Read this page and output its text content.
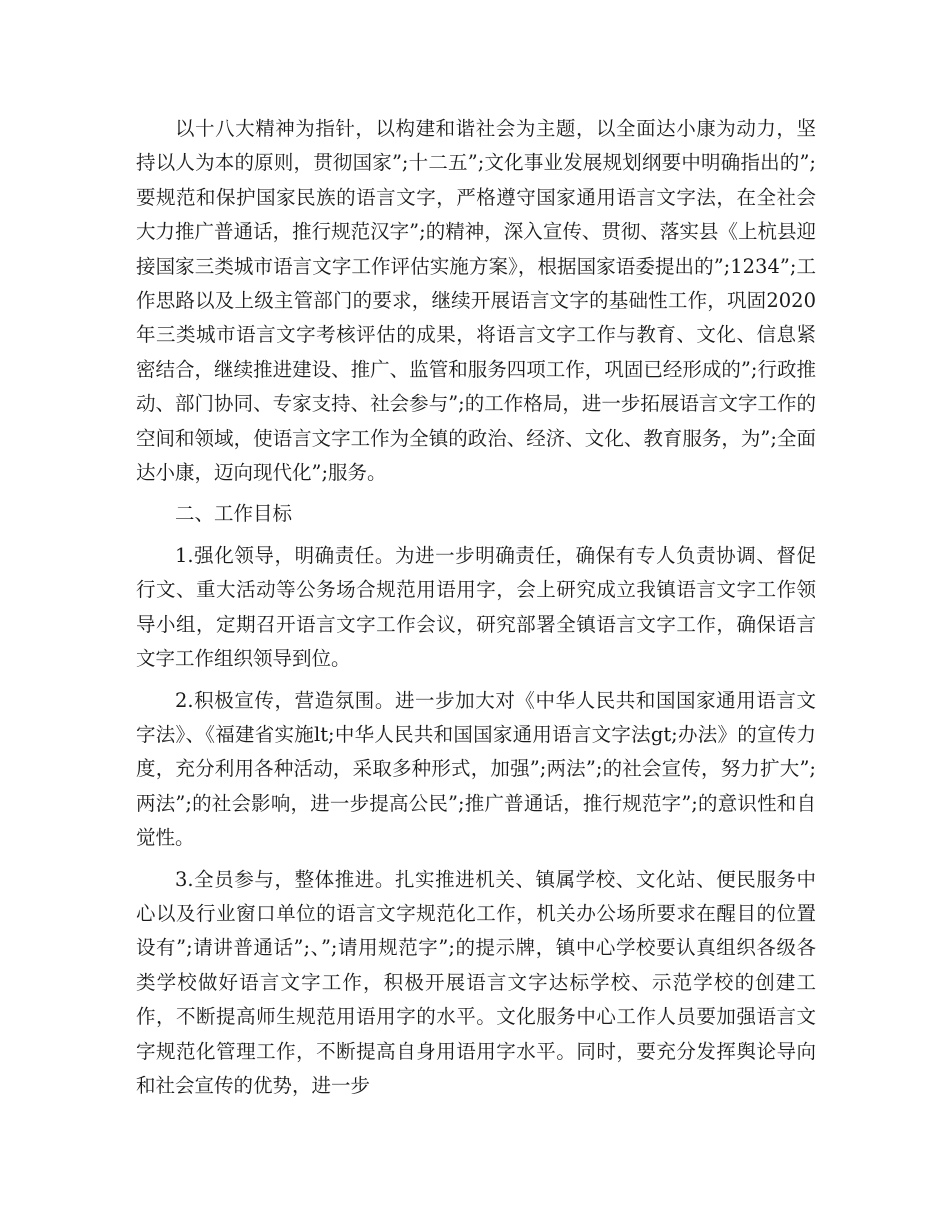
以十八大精神为指针，以构建和谐社会为主题，以全面达小康为动力，坚持以人为本的原则，贯彻国家”;十二五”;文化事业发展规划纲要中明确指出的”;要规范和保护国家民族的语言文字，严格遵守国家通用语言文字法，在全社会大力推广普通话，推行规范汉字”;的精神，深入宣传、贯彻、落实县《上杭县迎接国家三类城市语言文字工作评估实施方案》，根据国家语委提出的”;1234”;工作思路以及上级主管部门的要求，继续开展语言文字的基础性工作，巩固2020年三类城市语言文字考核评估的成果，将语言文字工作与教育、文化、信息紧密结合，继续推进建设、推广、监管和服务四项工作，巩固已经形成的”;行政推动、部门协同、专家支持、社会参与”;的工作格局，进一步拓展语言文字工作的空间和领域，使语言文字工作为全镇的政治、经济、文化、教育服务，为”;全面达小康，迈向现代化”;服务。

二、工作目标

1.强化领导，明确责任。为进一步明确责任，确保有专人负责协调、督促行文、重大活动等公务场合规范用语用字，会上研究成立我镇语言文字工作领导小组，定期召开语言文字工作会议，研究部署全镇语言文字工作，确保语言文字工作组织领导到位。

2.积极宣传，营造氛围。进一步加大对《中华人民共和国国家通用语言文字法》、《福建省实施lt;中华人民共和国国家通用语言文字法gt;办法》的宣传力度，充分利用各种活动，采取多种形式，加强”;两法”;的社会宣传，努力扩大”;两法”;的社会影响，进一步提高公民”;推广普通话，推行规范字”;的意识性和自觉性。

3.全员参与，整体推进。扎实推进机关、镇属学校、文化站、便民服务中心以及行业窗口单位的语言文字规范化工作，机关办公场所要求在醒目的位置设有”;请讲普通话”;、”;请用规范字”;的提示牌，镇中心学校要认真组织各级各类学校做好语言文字工作，积极开展语言文字达标学校、示范学校的创建工作，不断提高师生规范用语用字的水平。文化服务中心工作人员要加强语言文字规范化管理工作，不断提高自身用语用字水平。同时，要充分发挥舆论导向和社会宣传的优势，进一步
